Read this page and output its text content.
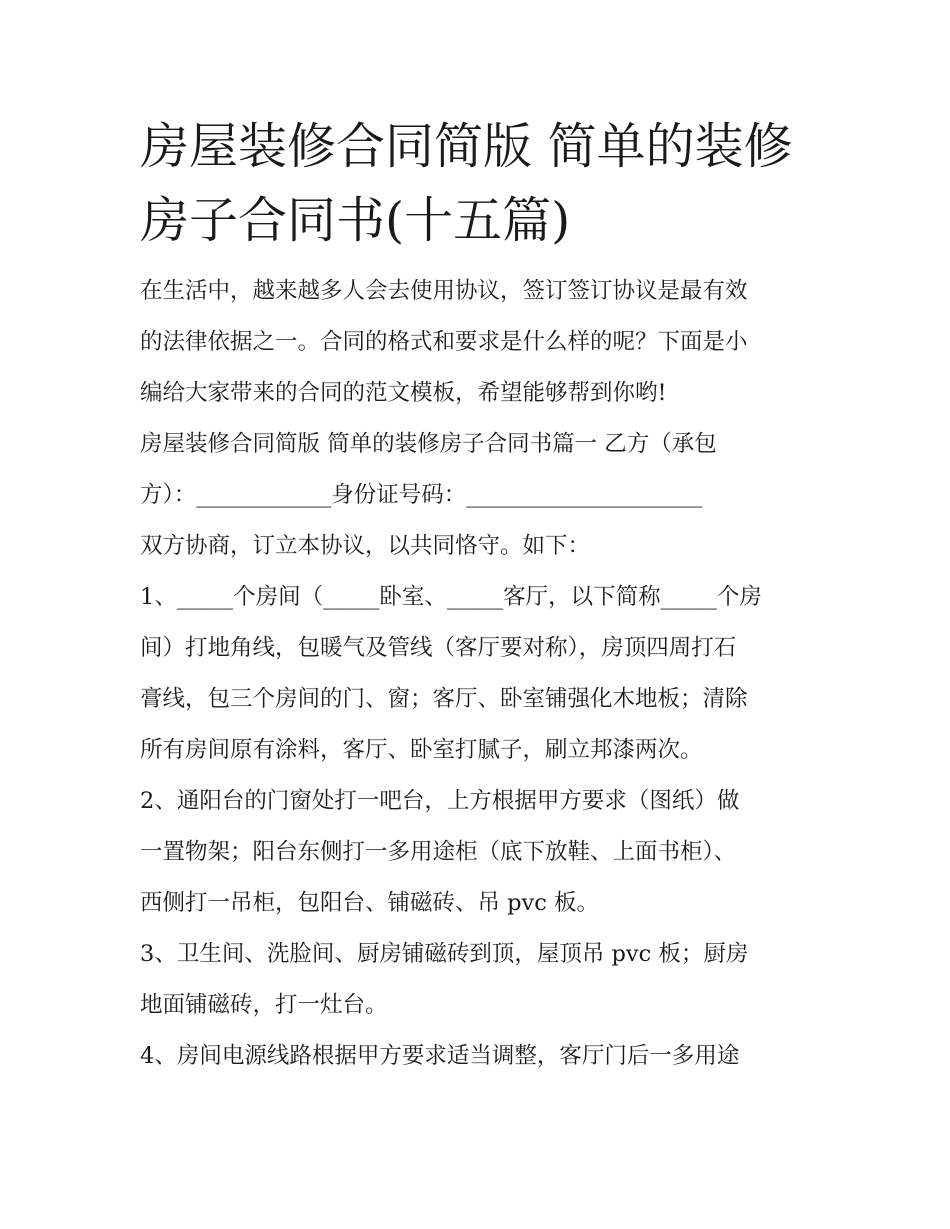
房屋装修合同简版 简单的装修
房子合同书(十五篇)
在生活中，越来越多人会去使用协议，签订签订协议是最有效
的法律依据之一。合同的格式和要求是什么样的呢？下面是小
编给大家带来的合同的范文模板，希望能够帮到你哟!
房屋装修合同简版 简单的装修房子合同书篇一 乙方（承包
方）：____________身份证号码：_____________________
双方协商，订立本协议，以共同恪守。如下：
1、_____个房间（_____卧室、_____客厅，以下简称_____个房
间）打地角线，包暖气及管线（客厅要对称），房顶四周打石
膏线，包三个房间的门、窗；客厅、卧室铺强化木地板；清除
所有房间原有涂料，客厅、卧室打腻子，刷立邦漆两次。
2、通阳台的门窗处打一吧台，上方根据甲方要求（图纸）做
一置物架；阳台东侧打一多用途柜（底下放鞋、上面书柜）、
西侧打一吊柜，包阳台、铺磁砖、吊 pvc 板。
3、卫生间、洗脸间、厨房铺磁砖到顶，屋顶吊 pvc 板；厨房
地面铺磁砖，打一灶台。
4、房间电源线路根据甲方要求适当调整，客厅门后一多用途
